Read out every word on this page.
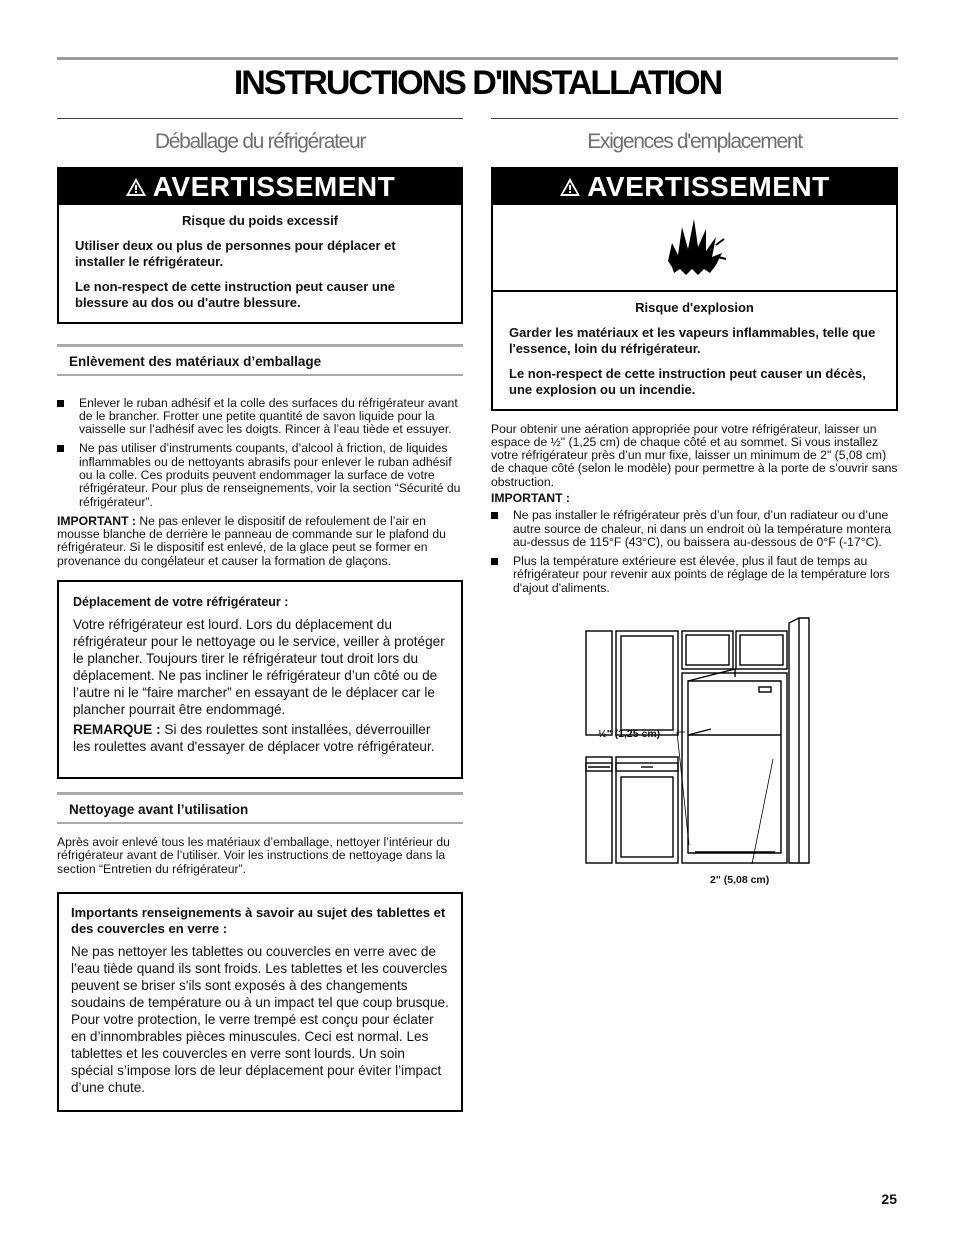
INSTRUCTIONS D'INSTALLATION
Déballage du réfrigérateur
AVERTISSEMENT
Risque du poids excessif

Utiliser deux ou plus de personnes pour déplacer et installer le réfrigérateur.

Le non-respect de cette instruction peut causer une blessure au dos ou d'autre blessure.

Enlèvement des matériaux d’emballage
Enlever le ruban adhésif et la colle des surfaces du réfrigérateur avant de le brancher. Frotter une petite quantité de savon liquide pour la vaisselle sur l’adhésif avec les doigts. Rincer à l’eau tiède et essuyer.
Ne pas utiliser d’instruments coupants, d’alcool à friction, de liquides inflammables ou de nettoyants abrasifs pour enlever le ruban adhésif ou la colle. Ces produits peuvent endommager la surface de votre réfrigérateur. Pour plus de renseignements, voir la section “Sécurité du réfrigérateur”.

IMPORTANT : Ne pas enlever le dispositif de refoulement de l’air en mousse blanche de derrière le panneau de commande sur le plafond du réfrigérateur. Si le dispositif est enlevé, de la glace peut se former en provenance du congélateur et causer la formation de glaçons.

Déplacement de votre réfrigérateur :
Votre réfrigérateur est lourd. Lors du déplacement du réfrigérateur pour le nettoyage ou le service, veiller à protéger le plancher. Toujours tirer le réfrigérateur tout droit lors du déplacement. Ne pas incliner le réfrigérateur d’un côté ou de l’autre ni le “faire marcher” en essayant de le déplacer car le plancher pourrait être endommagé.
REMARQUE : Si des roulettes sont installées, déverrouiller les roulettes avant d'essayer de déplacer votre réfrigérateur.
Nettoyage avant l’utilisation

Après avoir enlevé tous les matériaux d’emballage, nettoyer l’intérieur du réfrigérateur avant de l’utiliser. Voir les instructions de nettoyage dans la section “Entretien du réfrigérateur”.

Importants renseignements à savoir au sujet des tablettes et des couvercles en verre :
Ne pas nettoyer les tablettes ou couvercles en verre avec de l’eau tiède quand ils sont froids. Les tablettes et les couvercles peuvent se briser s'ils sont exposés à des changements soudains de température ou à un impact tel que coup brusque. Pour votre protection, le verre trempé est conçu pour éclater en d’innombrables pièces minuscules. Ceci est normal. Les tablettes et les couvercles en verre sont lourds. Un soin spécial s’impose lors de leur déplacement pour éviter l’impact d’une chute.
Exigences d'emplacement
AVERTISSEMENT
Risque d'explosion

Garder les matériaux et les vapeurs inflammables, telle que l'essence, loin du réfrigérateur.

Le non-respect de cette instruction peut causer un décès, une explosion ou un incendie.

Pour obtenir une aération appropriée pour votre réfrigérateur, laisser un espace de ½" (1,25 cm) de chaque côté et au sommet. Si vous installez votre réfrigérateur près d’un mur fixe, laisser un minimum de 2" (5,08 cm) de chaque côté (selon le modèle) pour permettre à la porte de s’ouvrir sans obstruction.

IMPORTANT :

Ne pas installer le réfrigérateur près d’un four, d’un radiateur ou d’une autre source de chaleur, ni dans un endroit où la température montera au-dessus de 115°F (43°C), ou baissera au-dessous de 0°F (-17°C).
Plus la température extérieure est élevée, plus il faut de temps au réfrigérateur pour revenir aux points de réglage de la température lors d'ajout d'aliments.
½" (1,25 cm)
2" (5,08 cm)
25
